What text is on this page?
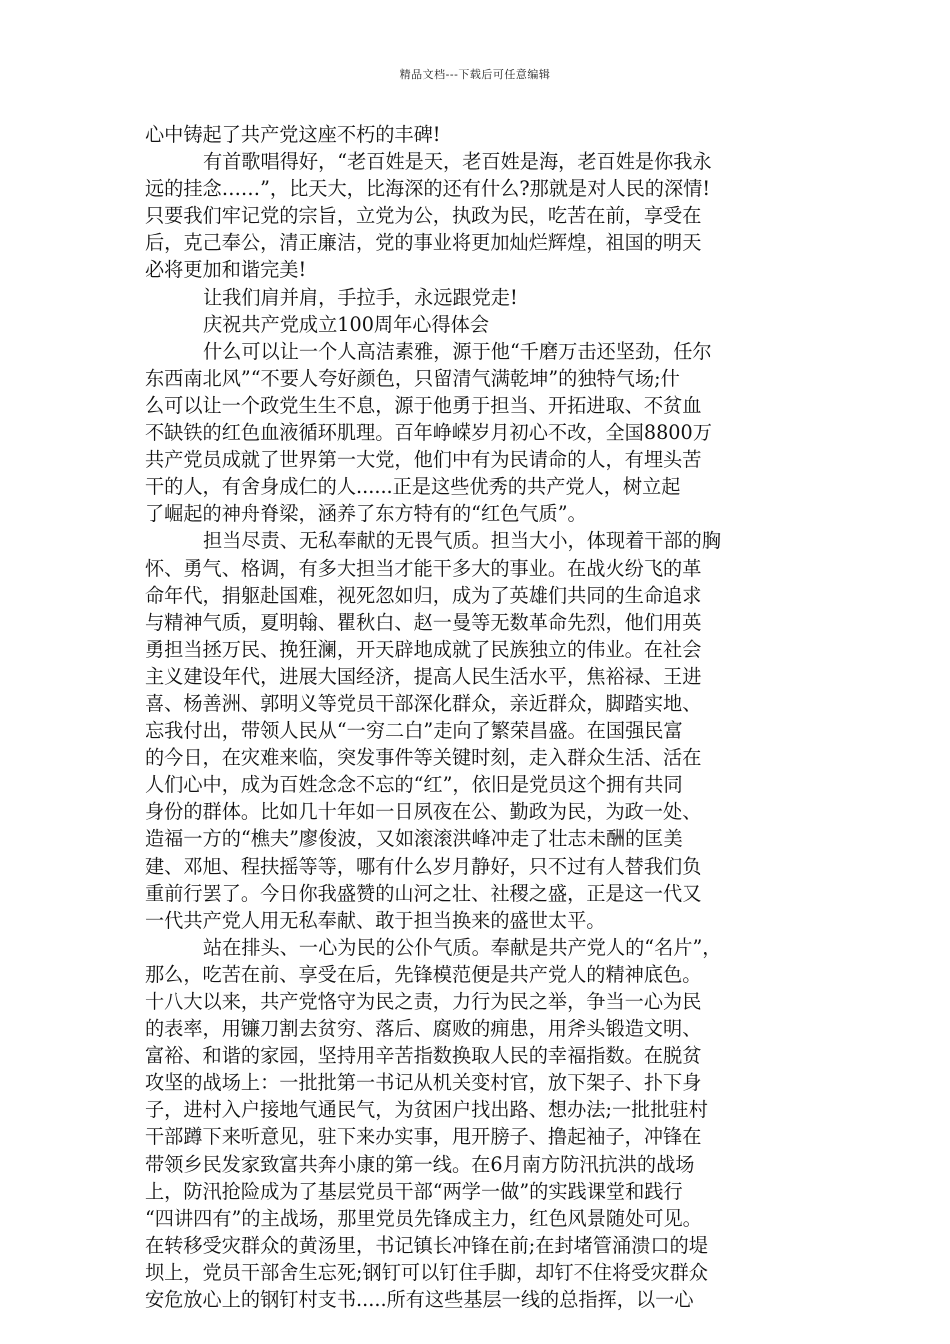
精品文档---下载后可任意编辑
心中铸起了共产党这座不朽的丰碑!
有首歌唱得好，“老百姓是天，老百姓是海，老百姓是你我永
远的挂念……”，比天大，比海深的还有什么?那就是对人民的深情!
只要我们牢记党的宗旨，立党为公，执政为民，吃苦在前，享受在
后，克己奉公，清正廉洁，党的事业将更加灿烂辉煌，祖国的明天
必将更加和谐完美!
让我们肩并肩，手拉手，永远跟党走!
庆祝共产党成立100周年心得体会
什么可以让一个人高洁素雅，源于他“千磨万击还坚劲，任尔
东西南北风”“不要人夸好颜色，只留清气满乾坤”的独特气场;什
么可以让一个政党生生不息，源于他勇于担当、开拓进取、不贫血
不缺铁的红色血液循环肌理。百年峥嵘岁月初心不改，全国8800万
共产党员成就了世界第一大党，他们中有为民请命的人，有埋头苦
干的人，有舍身成仁的人......正是这些优秀的共产党人，树立起
了崛起的神舟脊梁，涵养了东方特有的“红色气质”。
担当尽责、无私奉献的无畏气质。担当大小，体现着干部的胸
怀、勇气、格调，有多大担当才能干多大的事业。在战火纷飞的革
命年代，捐躯赴国难，视死忽如归，成为了英雄们共同的生命追求
与精神气质，夏明翰、瞿秋白、赵一曼等无数革命先烈，他们用英
勇担当拯万民、挽狂澜，开天辟地成就了民族独立的伟业。在社会
主义建设年代，进展大国经济，提高人民生活水平，焦裕禄、王进
喜、杨善洲、郭明义等党员干部深化群众，亲近群众，脚踏实地、
忘我付出，带领人民从“一穷二白”走向了繁荣昌盛。在国强民富
的今日，在灾难来临，突发事件等关键时刻，走入群众生活、活在
人们心中，成为百姓念念不忘的“红”，依旧是党员这个拥有共同
身份的群体。比如几十年如一日夙夜在公、勤政为民，为政一处、
造福一方的“樵夫”廖俊波，又如滚滚洪峰冲走了壮志未酬的匡美
建、邓旭、程扶摇等等，哪有什么岁月静好，只不过有人替我们负
重前行罢了。今日你我盛赞的山河之壮、社稷之盛，正是这一代又
一代共产党人用无私奉献、敢于担当换来的盛世太平。
站在排头、一心为民的公仆气质。奉献是共产党人的“名片”，
那么，吃苦在前、享受在后，先锋模范便是共产党人的精神底色。
十八大以来，共产党恪守为民之责，力行为民之举，争当一心为民
的表率，用镰刀割去贫穷、落后、腐败的痈患，用斧头锻造文明、
富裕、和谐的家园，坚持用辛苦指数换取人民的幸福指数。在脱贫
攻坚的战场上：一批批第一书记从机关变村官，放下架子、扑下身
子，进村入户接地气通民气，为贫困户找出路、想办法;一批批驻村
干部蹲下来听意见，驻下来办实事，甩开膀子、撸起袖子，冲锋在
带领乡民发家致富共奔小康的第一线。在6月南方防汛抗洪的战场
上，防汛抢险成为了基层党员干部“两学一做”的实践课堂和践行
“四讲四有”的主战场，那里党员先锋成主力，红色风景随处可见。
在转移受灾群众的黄汤里，书记镇长冲锋在前;在封堵管涌溃口的堤
坝上，党员干部舍生忘死;钢钉可以钉住手脚，却钉不住将受灾群众
安危放心上的钢钉村支书.....所有这些基层一线的总指挥，以一心
